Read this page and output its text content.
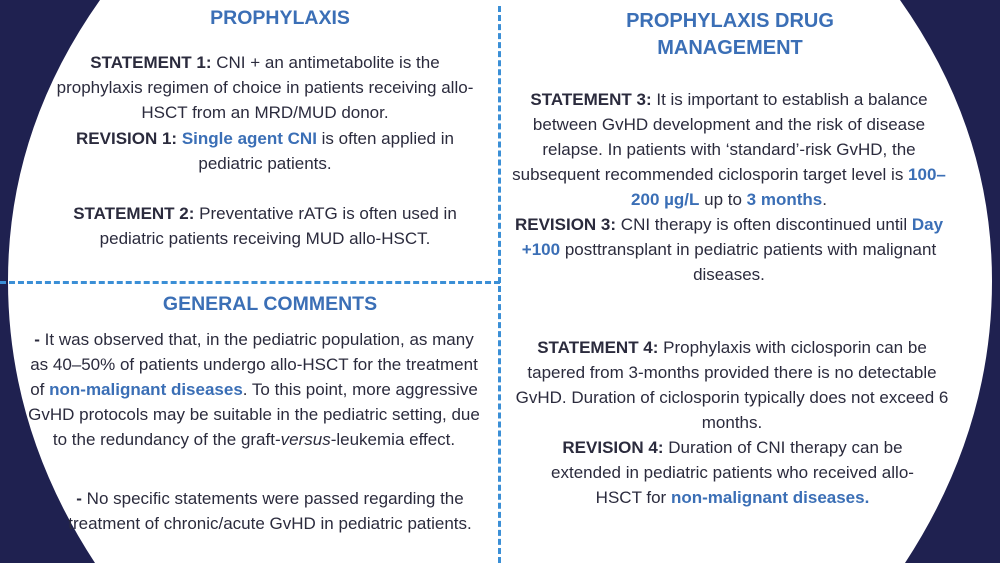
PROPHYLAXIS

STATEMENT 1: CNI + an antimetabolite is the prophylaxis regimen of choice in patients receiving allo-HSCT from an MRD/MUD donor.

REVISION 1: Single agent CNI is often applied in pediatric patients.

STATEMENT 2: Preventative rATG is often used in pediatric patients receiving MUD allo-HSCT.

GENERAL COMMENTS

- It was observed that, in the pediatric population, as many as 40–50% of patients undergo allo-HSCT for the treatment of non-malignant diseases. To this point, more aggressive GvHD protocols may be suitable in the pediatric setting, due to the redundancy of the graft-versus-leukemia effect.

- No specific statements were passed regarding the treatment of chronic/acute GvHD in pediatric patients.

PROPHYLAXIS DRUG
MANAGEMENT

STATEMENT 3: It is important to establish a balance between GvHD development and the risk of disease relapse. In patients with ‘standard’-risk GvHD, the subsequent recommended ciclosporin target level is 100–200 µg/L up to 3 months.

REVISION 3: CNI therapy is often discontinued until Day +100 posttransplant in pediatric patients with malignant diseases.

STATEMENT 4: Prophylaxis with ciclosporin can be tapered from 3-months provided there is no detectable GvHD. Duration of ciclosporin typically does not exceed 6 months.

REVISION 4: Duration of CNI therapy can be extended in pediatric patients who received allo-HSCT for non-malignant diseases.
